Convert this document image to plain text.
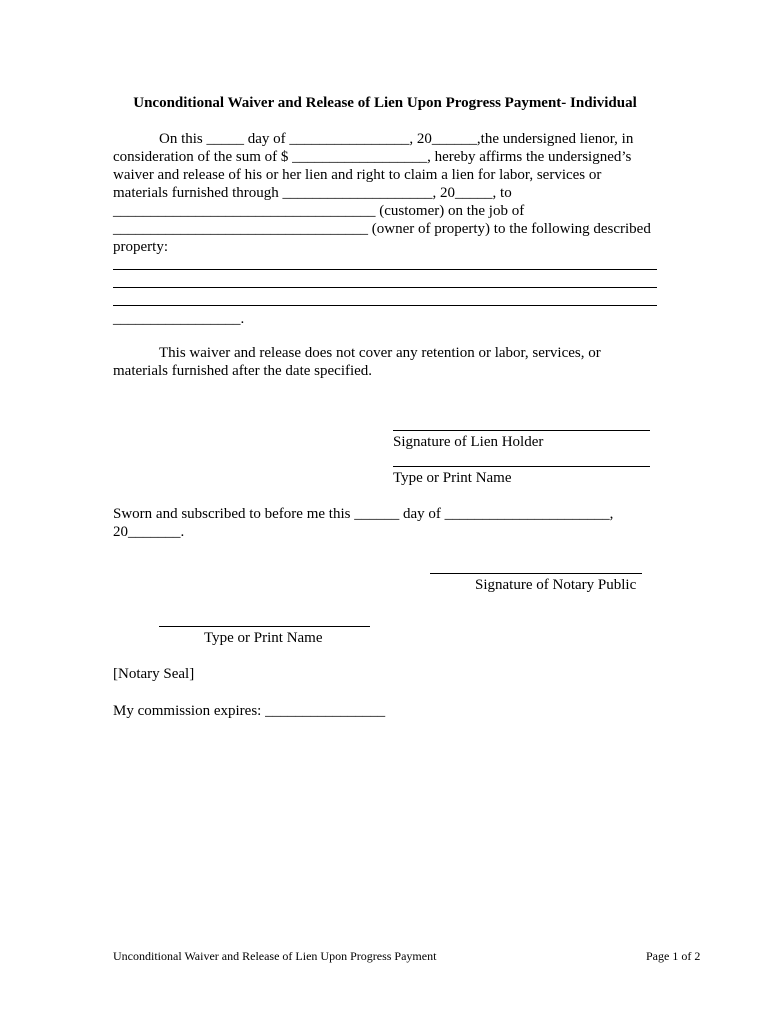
Unconditional Waiver and Release of Lien Upon Progress Payment- Individual
On this _____ day of ________________, 20______,the undersigned lienor, in
consideration of the sum of $ __________________, hereby affirms the undersigned’s
waiver and release of his or her lien and right to claim a lien for labor, services or
materials furnished through ____________________, 20_____, to
___________________________________ (customer) on the job of
__________________________________ (owner of property) to the following described
property:
_________________.
This waiver and release does not cover any retention or labor, services, or
materials furnished after the date specified.
Signature of Lien Holder
Type or Print Name
Sworn and subscribed to before me this ______ day of ______________________,
20_______.
Signature of Notary Public
Type or Print Name
[Notary Seal]
My commission expires: ________________
Unconditional Waiver and Release of Lien Upon Progress Payment	Page 1 of 2
